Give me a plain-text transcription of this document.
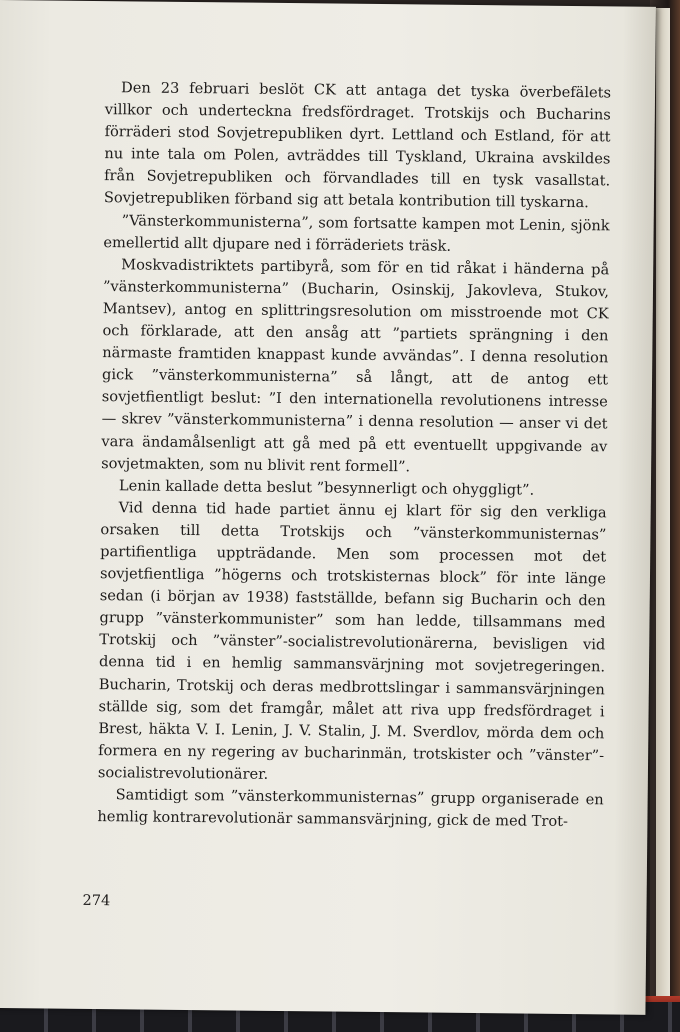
Den 23 februari beslöt CK att antaga det tyska överbefälets villkor och underteckna fredsfördraget. Trotskijs och Bucharins förräderi stod Sovjetrepubliken dyrt. Lettland och Estland, för att nu inte tala om Polen, avträddes till Tyskland, Ukraina avskildes från Sovjetrepubliken och förvandlades till en tysk vasallstat. Sovjetrepubliken förband sig att betala kontribution till tyskarna.

”Vänsterkommunisterna”, som fortsatte kampen mot Lenin, sjönk emellertid allt djupare ned i förräderiets träsk.

Moskvadistriktets partibyrå, som för en tid råkat i händerna på ”vänsterkommunisterna” (Bucharin, Osinskij, Jakovleva, Stukov, Mantsev), antog en splittringsresolution om misstroende mot CK och förklarade, att den ansåg att ”partiets sprängning i den närmaste framtiden knappast kunde avvändas”. I denna resolution gick ”vänsterkommunisterna” så långt, att de antog ett sovjetfientligt beslut: ”I den internationella revolutionens intresse — skrev ”vänsterkommunisterna” i denna resolution — anser vi det vara ändamålsenligt att gå med på ett eventuellt uppgivande av sovjetmakten, som nu blivit rent formell”.

Lenin kallade detta beslut ”besynnerligt och ohyggligt”.

Vid denna tid hade partiet ännu ej klart för sig den verkliga orsaken till detta Trotskijs och ”vänsterkommunisternas” partifientliga uppträdande. Men som processen mot det sovjetfientliga ”högerns och trotskisternas block” för inte länge sedan (i början av 1938) fastställde, befann sig Bucharin och den grupp ”vänsterkommunister” som han ledde, tillsammans med Trotskij och ”vänster”-socialistrevolutionärerna, bevisligen vid denna tid i en hemlig sammansvärjning mot sovjetregeringen. Bucharin, Trotskij och deras medbrottslingar i sammansvärjningen ställde sig, som det framgår, målet att riva upp fredsfördraget i Brest, häkta V. I. Lenin, J. V. Stalin, J. M. Sverdlov, mörda dem och formera en ny regering av bucharinmän, trotskister och ”vänster”-socialistrevolutionärer.

Samtidigt som ”vänsterkommunisternas” grupp organiserade en hemlig kontrarevolutionär sammansvärjning, gick de med Trot-

274
